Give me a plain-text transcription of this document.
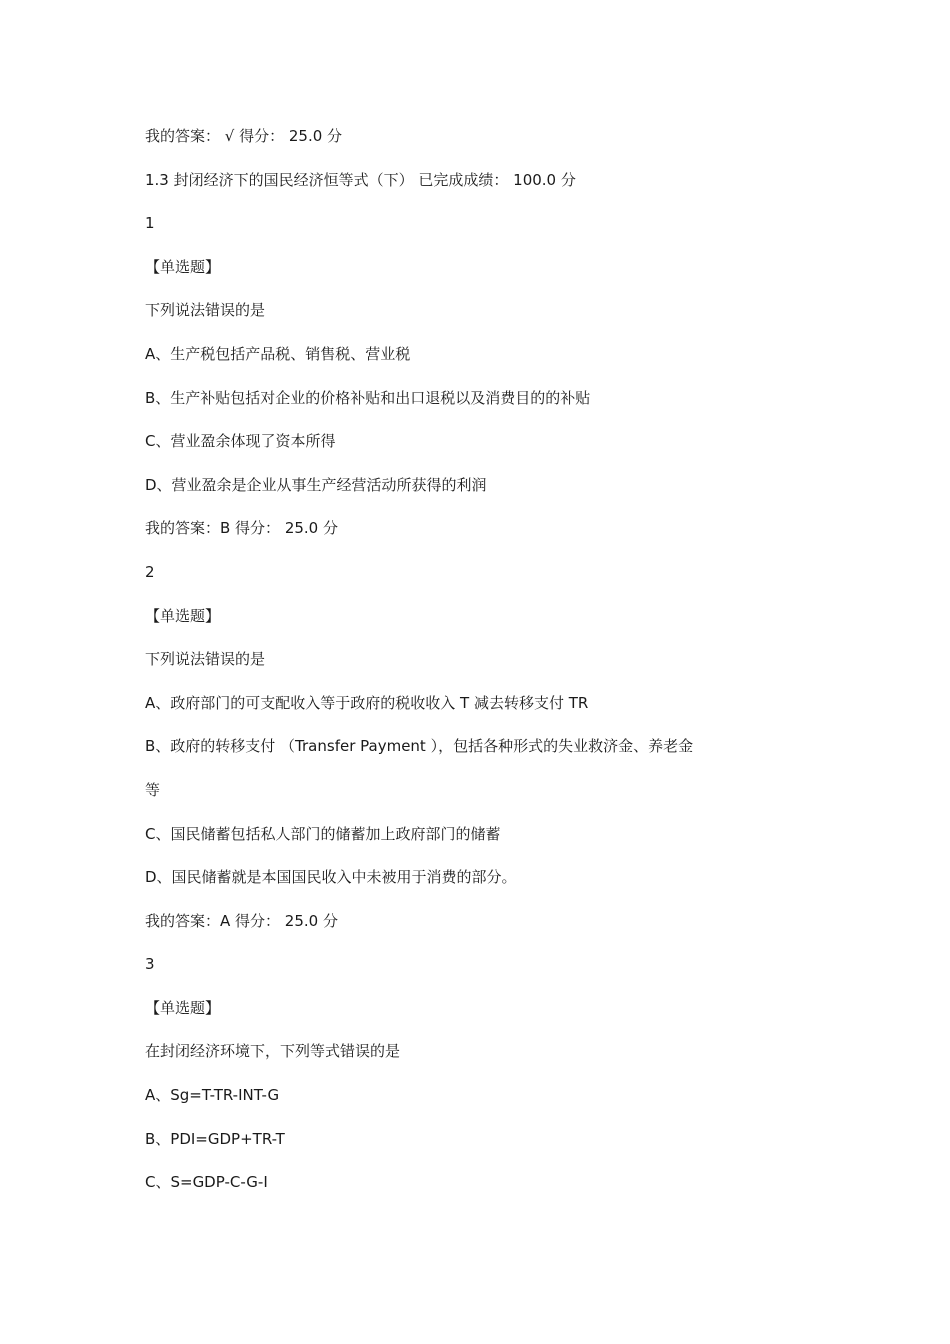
我的答案： √ 得分： 25.0 分
1.3 封闭经济下的国民经济恒等式（下） 已完成成绩： 100.0 分
1
【单选题】
下列说法错误的是
A、生产税包括产品税、销售税、营业税
B、生产补贴包括对企业的价格补贴和出口退税以及消费目的的补贴
C、营业盈余体现了资本所得
D、营业盈余是企业从事生产经营活动所获得的利润
我的答案：B 得分： 25.0 分
2
【单选题】
下列说法错误的是
A、政府部门的可支配收入等于政府的税收收入 T 减去转移支付 TR
B、政府的转移支付 （Transfer Payment ），包括各种形式的失业救济金、养老金
等
C、国民储蓄包括私人部门的储蓄加上政府部门的储蓄
D、国民储蓄就是本国国民收入中未被用于消费的部分。
我的答案：A 得分： 25.0 分
3
【单选题】
在封闭经济环境下，下列等式错误的是
A、Sg=T-TR-INT-G
B、PDI=GDP+TR-T
C、S=GDP-C-G-I
